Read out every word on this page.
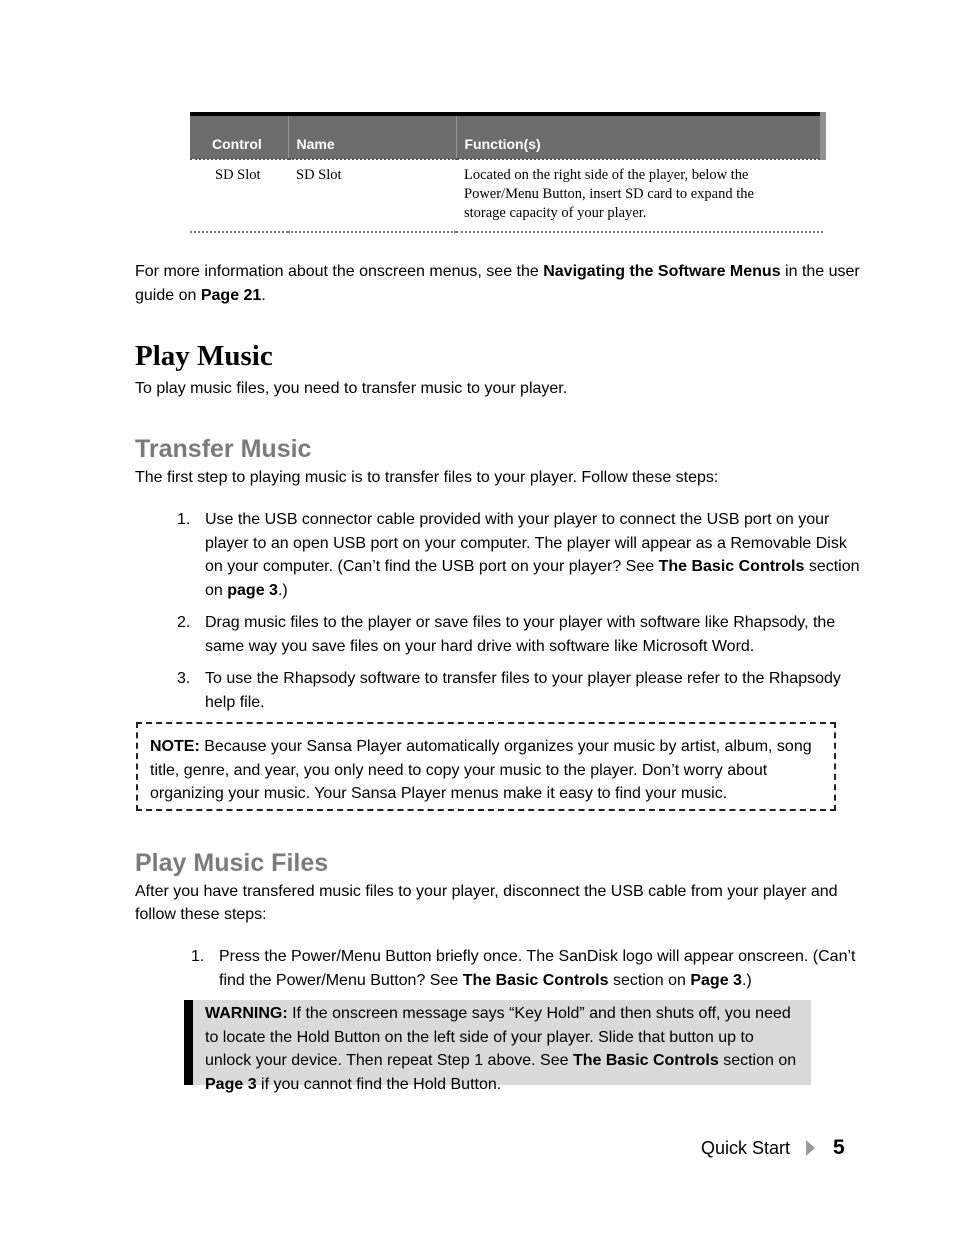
Control	Name	Function(s)
SD Slot	SD Slot	Located on the right side of the player, below the Power/Menu Button, insert SD card to expand the storage capacity of your player.

For more information about the onscreen menus, see the Navigating the Software Menus in the user guide on Page 21.

Play Music

To play music files, you need to transfer music to your player.

Transfer Music

The first step to playing music is to transfer files to your player. Follow these steps:

1. Use the USB connector cable provided with your player to connect the USB port on your player to an open USB port on your computer. The player will appear as a Removable Disk on your computer. (Can’t find the USB port on your player? See The Basic Controls section on page 3.)
2. Drag music files to the player or save files to your player with software like Rhapsody, the same way you save files on your hard drive with software like Microsoft Word.
3. To use the Rhapsody software to transfer files to your player please refer to the Rhapsody help file.
NOTE: Because your Sansa Player automatically organizes your music by artist, album, song title, genre, and year, you only need to copy your music to the player. Don’t worry about organizing your music. Your Sansa Player menus make it easy to find your music.
Play Music Files

After you have transfered music files to your player, disconnect the USB cable from your player and follow these steps:

1. Press the Power/Menu Button briefly once. The SanDisk logo will appear onscreen. (Can’t find the Power/Menu Button? See The Basic Controls section on Page 3.)
WARNING: If the onscreen message says “Key Hold” and then shuts off, you need to locate the Hold Button on the left side of your player. Slide that button up to unlock your device. Then repeat Step 1 above. See The Basic Controls section on Page 3 if you cannot find the Hold Button.
Quick Start 5
